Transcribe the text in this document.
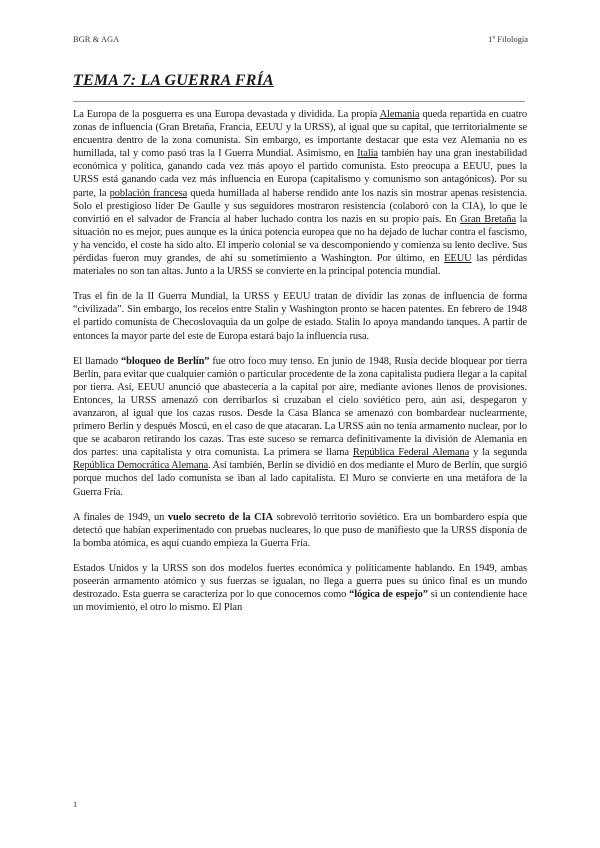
BGR & AGA	1º Filología
TEMA 7: LA GUERRA FRÍA

La Europa de la posguerra es una Europa devastada y dividida. La propia Alemania queda repartida en cuatro zonas de influencia (Gran Bretaña, Francia, EEUU y la URSS), al igual que su capital, que territorialmente se encuentra dentro de la zona comunista. Sin embargo, es importante destacar que esta vez Alemania no es humillada, tal y como pasó tras la I Guerra Mundial. Asimismo, en Italia también hay una gran inestabilidad económica y política, ganando cada vez más apoyo el partido comunista. Esto preocupa a EEUU, pues la URSS está ganando cada vez más influencia en Europa (capitalismo y comunismo son antagónicos). Por su parte, la población francesa queda humillada al haberse rendido ante los nazis sin mostrar apenas resistencia. Solo el prestigioso líder De Gaulle y sus seguidores mostraron resistencia (colaboró con la CIA), lo que le convirtió en el salvador de Francia al haber luchado contra los nazis en su propio país. En Gran Bretaña la situación no es mejor, pues aunque es la única potencia europea que no ha dejado de luchar contra el fascismo, y ha vencido, el coste ha sido alto. El imperio colonial se va descomponiendo y comienza su lento declive. Sus pérdidas fueron muy grandes, de ahí su sometimiento a Washington. Por último, en EEUU las pérdidas materiales no son tan altas. Junto a la URSS se convierte en la principal potencia mundial.

Tras el fin de la II Guerra Mundial, la URSS y EEUU tratan de dividir las zonas de influencia de forma “civilizada”. Sin embargo, los recelos entre Stalin y Washington pronto se hacen patentes. En febrero de 1948 el partido comunista de Checoslovaquia da un golpe de estado. Stalin lo apoya mandando tanques. A partir de entonces la mayor parte del este de Europa estará bajo la influencia rusa.

El llamado “bloqueo de Berlín” fue otro foco muy tenso. En junio de 1948, Rusia decide bloquear por tierra Berlín, para evitar que cualquier camión o particular procedente de la zona capitalista pudiera llegar a la capital por tierra. Así, EEUU anunció que abastecería a la capital por aire, mediante aviones llenos de provisiones. Entonces, la URSS amenazó con derribarlos si cruzaban el cielo soviético pero, aún así, despegaron y avanzaron, al igual que los cazas rusos. Desde la Casa Blanca se amenazó con bombardear nuclearmente, primero Berlín y después Moscú, en el caso de que atacaran. La URSS aún no tenía armamento nuclear, por lo que se acabaron retirando los cazas. Tras este suceso se remarca definitivamente la división de Alemania en dos partes: una capitalista y otra comunista. La primera se llama República Federal Alemana y la segunda República Democrática Alemana. Así también, Berlín se dividió en dos mediante el Muro de Berlín, que surgió porque muchos del lado comunista se iban al lado capitalista. El Muro se convierte en una metáfora de la Guerra Fría.

A finales de 1949, un vuelo secreto de la CIA sobrevoló territorio soviético. Era un bombardero espía que detectó que habían experimentado con pruebas nucleares, lo que puso de manifiesto que la URSS disponía de la bomba atómica, es aquí cuando empieza la Guerra Fría.

Estados Unidos y la URSS son dos modelos fuertes económica y políticamente hablando. En 1949, ambas poseerán armamento atómico y sus fuerzas se igualan, no llega a guerra pues su único final es un mundo destrozado. Esta guerra se caracteriza por lo que conocemos como “lógica de espejo” si un contendiente hace un movimiento, el otro lo mismo. El Plan

1
